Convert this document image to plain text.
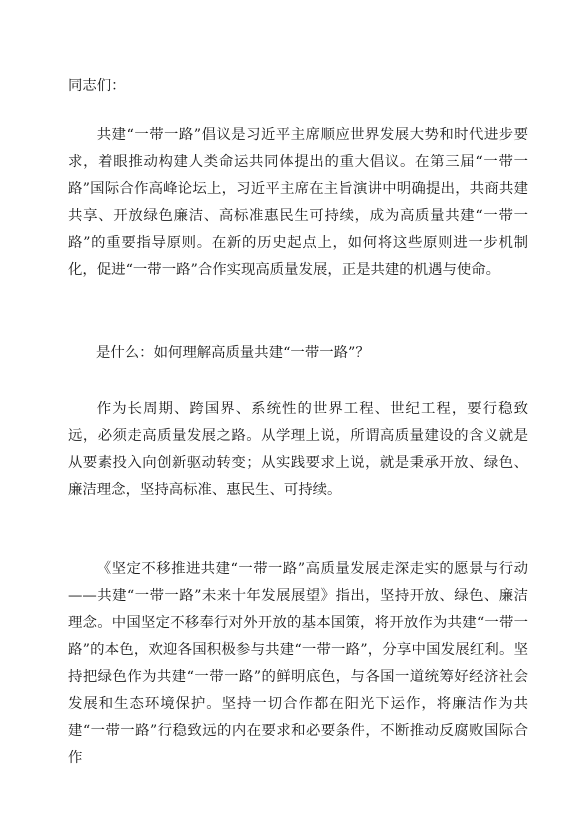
同志们：
共建“一带一路”倡议是习近平主席顺应世界发展大势和时代进步要求，着眼推动构建人类命运共同体提出的重大倡议。在第三届“一带一路”国际合作高峰论坛上，习近平主席在主旨演讲中明确提出，共商共建共享、开放绿色廉洁、高标准惠民生可持续，成为高质量共建“一带一路”的重要指导原则。在新的历史起点上，如何将这些原则进一步机制化，促进“一带一路”合作实现高质量发展，正是共建的机遇与使命。
是什么：如何理解高质量共建“一带一路”？
作为长周期、跨国界、系统性的世界工程、世纪工程，要行稳致远，必须走高质量发展之路。从学理上说，所谓高质量建设的含义就是从要素投入向创新驱动转变；从实践要求上说，就是秉承开放、绿色、廉洁理念，坚持高标准、惠民生、可持续。
《坚定不移推进共建“一带一路”高质量发展走深走实的愿景与行动——共建“一带一路”未来十年发展展望》指出，坚持开放、绿色、廉洁理念。中国坚定不移奉行对外开放的基本国策，将开放作为共建“一带一路”的本色，欢迎各国积极参与共建“一带一路”，分享中国发展红利。坚持把绿色作为共建“一带一路”的鲜明底色，与各国一道统筹好经济社会发展和生态环境保护。坚持一切合作都在阳光下运作，将廉洁作为共建“一带一路”行稳致远的内在要求和必要条件，不断推动反腐败国际合作
